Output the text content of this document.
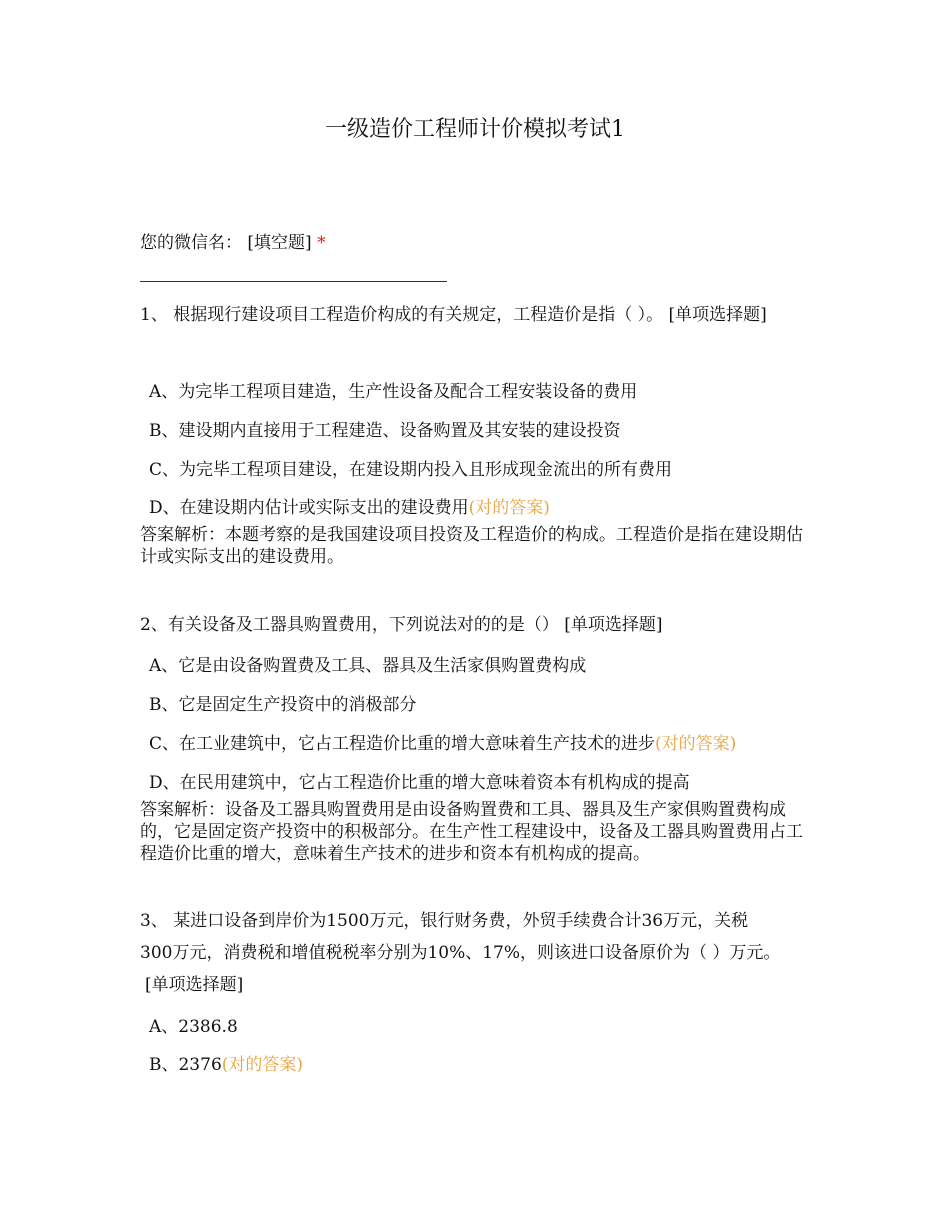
一级造价工程师计价模拟考试1
您的微信名： [填空题] *
1、 根据现行建设项目工程造价构成的有关规定，工程造价是指（ ）。 [单项选择题]
A、为完毕工程项目建造，生产性设备及配合工程安装设备的费用
B、建设期内直接用于工程建造、设备购置及其安装的建设投资
C、为完毕工程项目建设，在建设期内投入且形成现金流出的所有费用
D、在建设期内估计或实际支出的建设费用(对的答案)
答案解析：本题考察的是我国建设项目投资及工程造价的构成。工程造价是指在建设期估计或实际支出的建设费用。
2、有关设备及工器具购置费用，下列说法对的的是（） [单项选择题]
A、它是由设备购置费及工具、器具及生活家俱购置费构成
B、它是固定生产投资中的消极部分
C、在工业建筑中，它占工程造价比重的增大意味着生产技术的进步(对的答案)
D、在民用建筑中，它占工程造价比重的增大意味着资本有机构成的提高
答案解析：设备及工器具购置费用是由设备购置费和工具、器具及生产家俱购置费构成的，它是固定资产投资中的积极部分。在生产性工程建设中，设备及工器具购置费用占工程造价比重的增大，意味着生产技术的进步和资本有机构成的提高。
3、 某进口设备到岸价为1500万元，银行财务费，外贸手续费合计36万元，关税
300万元，消费税和增值税税率分别为10%、17%，则该进口设备原价为（ ）万元。
[单项选择题]
A、2386.8
B、2376(对的答案)
